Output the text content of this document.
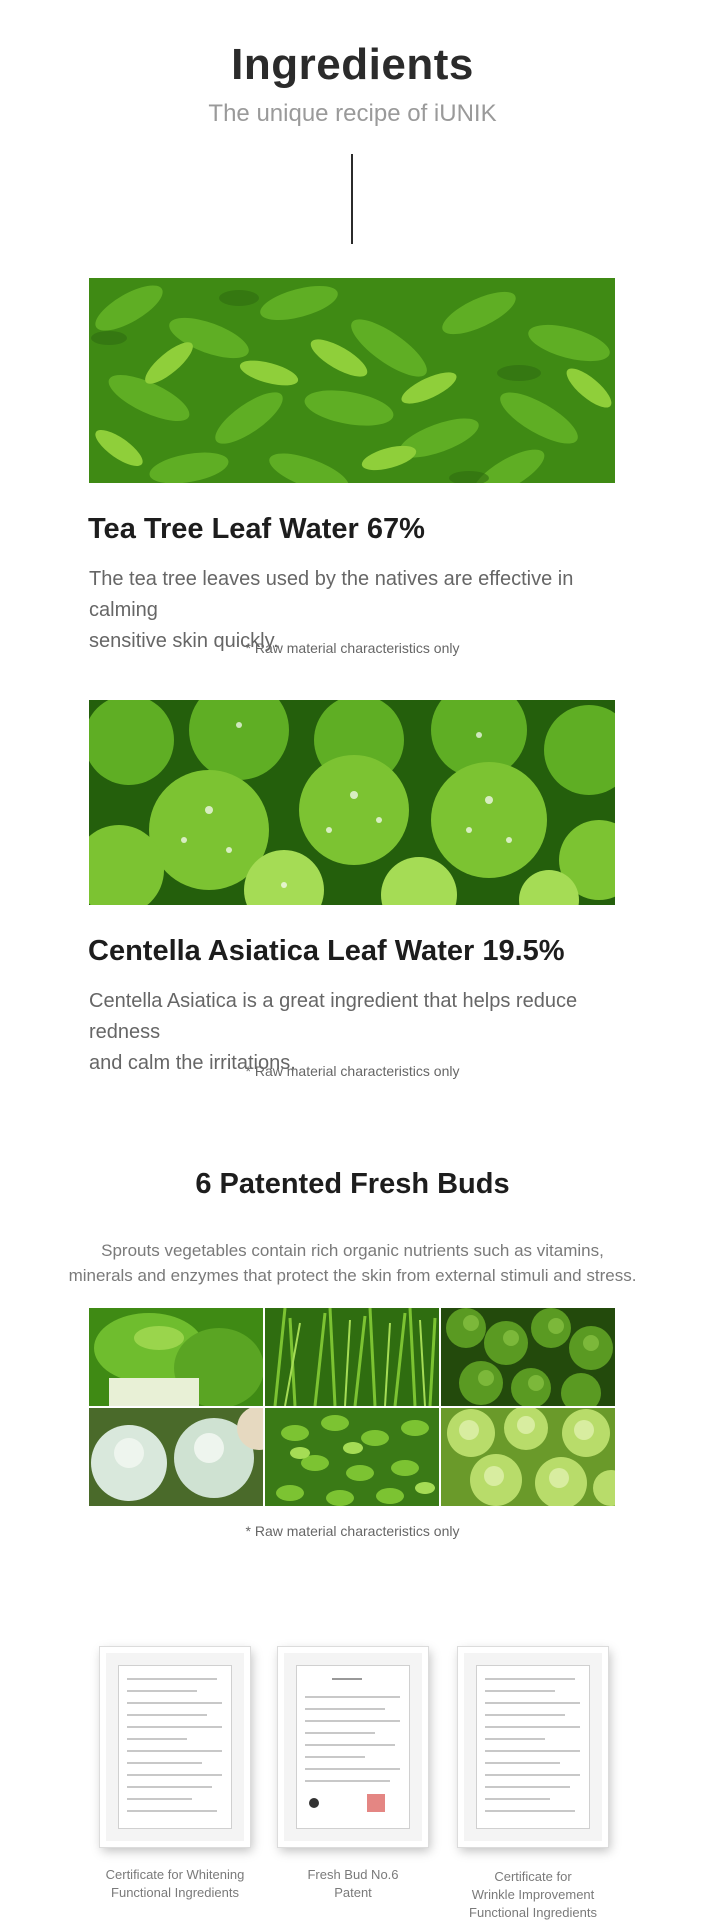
Ingredients
The unique recipe of iUNIK
Tea Tree Leaf Water 67%
The tea tree leaves used by the natives are effective in calming
sensitive skin quickly.
* Raw material characteristics only
Centella Asiatica Leaf Water 19.5%
Centella Asiatica is a great ingredient that helps reduce redness
and calm the irritations.
* Raw material characteristics only
6 Patented Fresh Buds
Sprouts vegetables contain rich organic nutrients such as vitamins,
minerals and enzymes that protect the skin from external stimuli and stress.
* Raw material characteristics only
Certificate for Whitening
Functional Ingredients
Fresh Bud No.6
Patent
Certificate for
Wrinkle Improvement
Functional Ingredients
